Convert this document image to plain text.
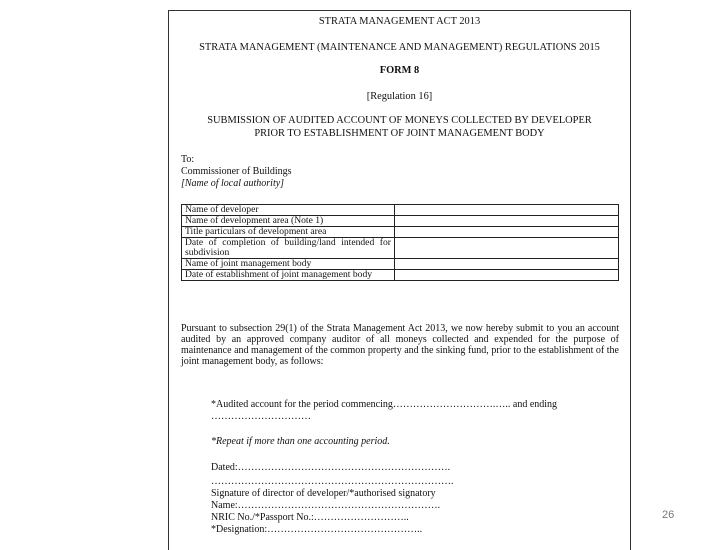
STRATA MANAGEMENT ACT 2013
STRATA MANAGEMENT (MAINTENANCE AND MANAGEMENT) REGULATIONS 2015
FORM 8
[Regulation 16]
SUBMISSION OF AUDITED ACCOUNT OF MONEYS COLLECTED BY DEVELOPER
PRIOR TO ESTABLISHMENT OF JOINT MANAGEMENT BODY
To:
Commissioner of Buildings
[Name of local authority]
Name of developer	
Name of development area (Note 1)	
Title particulars of development area	
Date of completion of building/land intended for subdivision	
Name of joint management body	
Date of establishment of joint management body	
Pursuant to subsection 29(1) of the Strata Management Act 2013, we now hereby submit to you an account audited by an approved company auditor of all moneys collected and expended for the purpose of maintenance and management of the common property and the sinking fund, prior to the establishment of the joint management body, as follows:
*Audited account for the period commencing………………………….….. and ending
…………………………
*Repeat if more than one accounting period.
Dated:……………………………………………………….
……………………………………………………………….
Signature of director of developer/*authorised signatory
Name:…………………………………………………….
NRIC No./*Passport No.:………………………..
*Designation:………………………………………..
26
